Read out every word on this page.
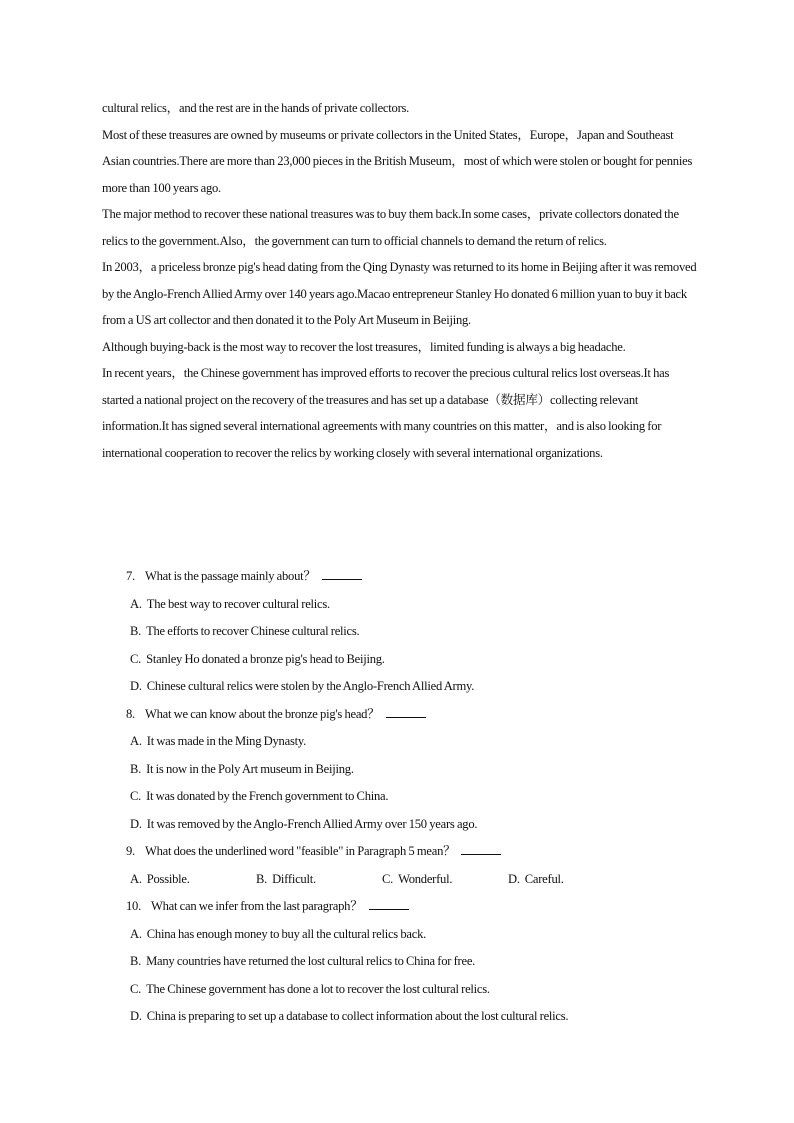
cultural relics，and the rest are in the hands of private collectors.

Most of these treasures are owned by museums or private collectors in the United States，Europe，Japan and Southeast Asian countries.There are more than 23,000 pieces in the British Museum，most of which were stolen or bought for pennies more than 100 years ago.

The major method to recover these national treasures was to buy them back.In some cases，private collectors donated the relics to the government.Also，the government can turn to official channels to demand the return of relics.

In 2003，a priceless bronze pig's head dating from the Qing Dynasty was returned to its home in Beijing after it was removed by the Anglo-French Allied Army over 140 years ago.Macao entrepreneur Stanley Ho donated 6 million yuan to buy it back from a US art collector and then donated it to the Poly Art Museum in Beijing.

Although buying-back is the most way to recover the lost treasures，limited funding is always a big headache.

In recent years，the Chinese government has improved efforts to recover the precious cultural relics lost overseas.It has started a national project on the recovery of the treasures and has set up a database（数据库）collecting relevant information.It has signed several international agreements with many countries on this matter，and is also looking for international cooperation to recover the relics by working closely with several international organizations.

7. What is the passage mainly about？
A. The best way to recover cultural relics.
B. The efforts to recover Chinese cultural relics.
C. Stanley Ho donated a bronze pig's head to Beijing.
D. Chinese cultural relics were stolen by the Anglo-French Allied Army.
8. What we can know about the bronze pig's head？
A. It was made in the Ming Dynasty.
B. It is now in the Poly Art museum in Beijing.
C. It was donated by the French government to China.
D. It was removed by the Anglo-French Allied Army over 150 years ago.
9. What does the underlined word "feasible" in Paragraph 5 mean？
A. Possible.	B. Difficult.	C. Wonderful.	D. Careful.
10. What can we infer from the last paragraph？
A. China has enough money to buy all the cultural relics back.
B. Many countries have returned the lost cultural relics to China for free.
C. The Chinese government has done a lot to recover the lost cultural relics.
D. China is preparing to set up a database to collect information about the lost cultural relics.
